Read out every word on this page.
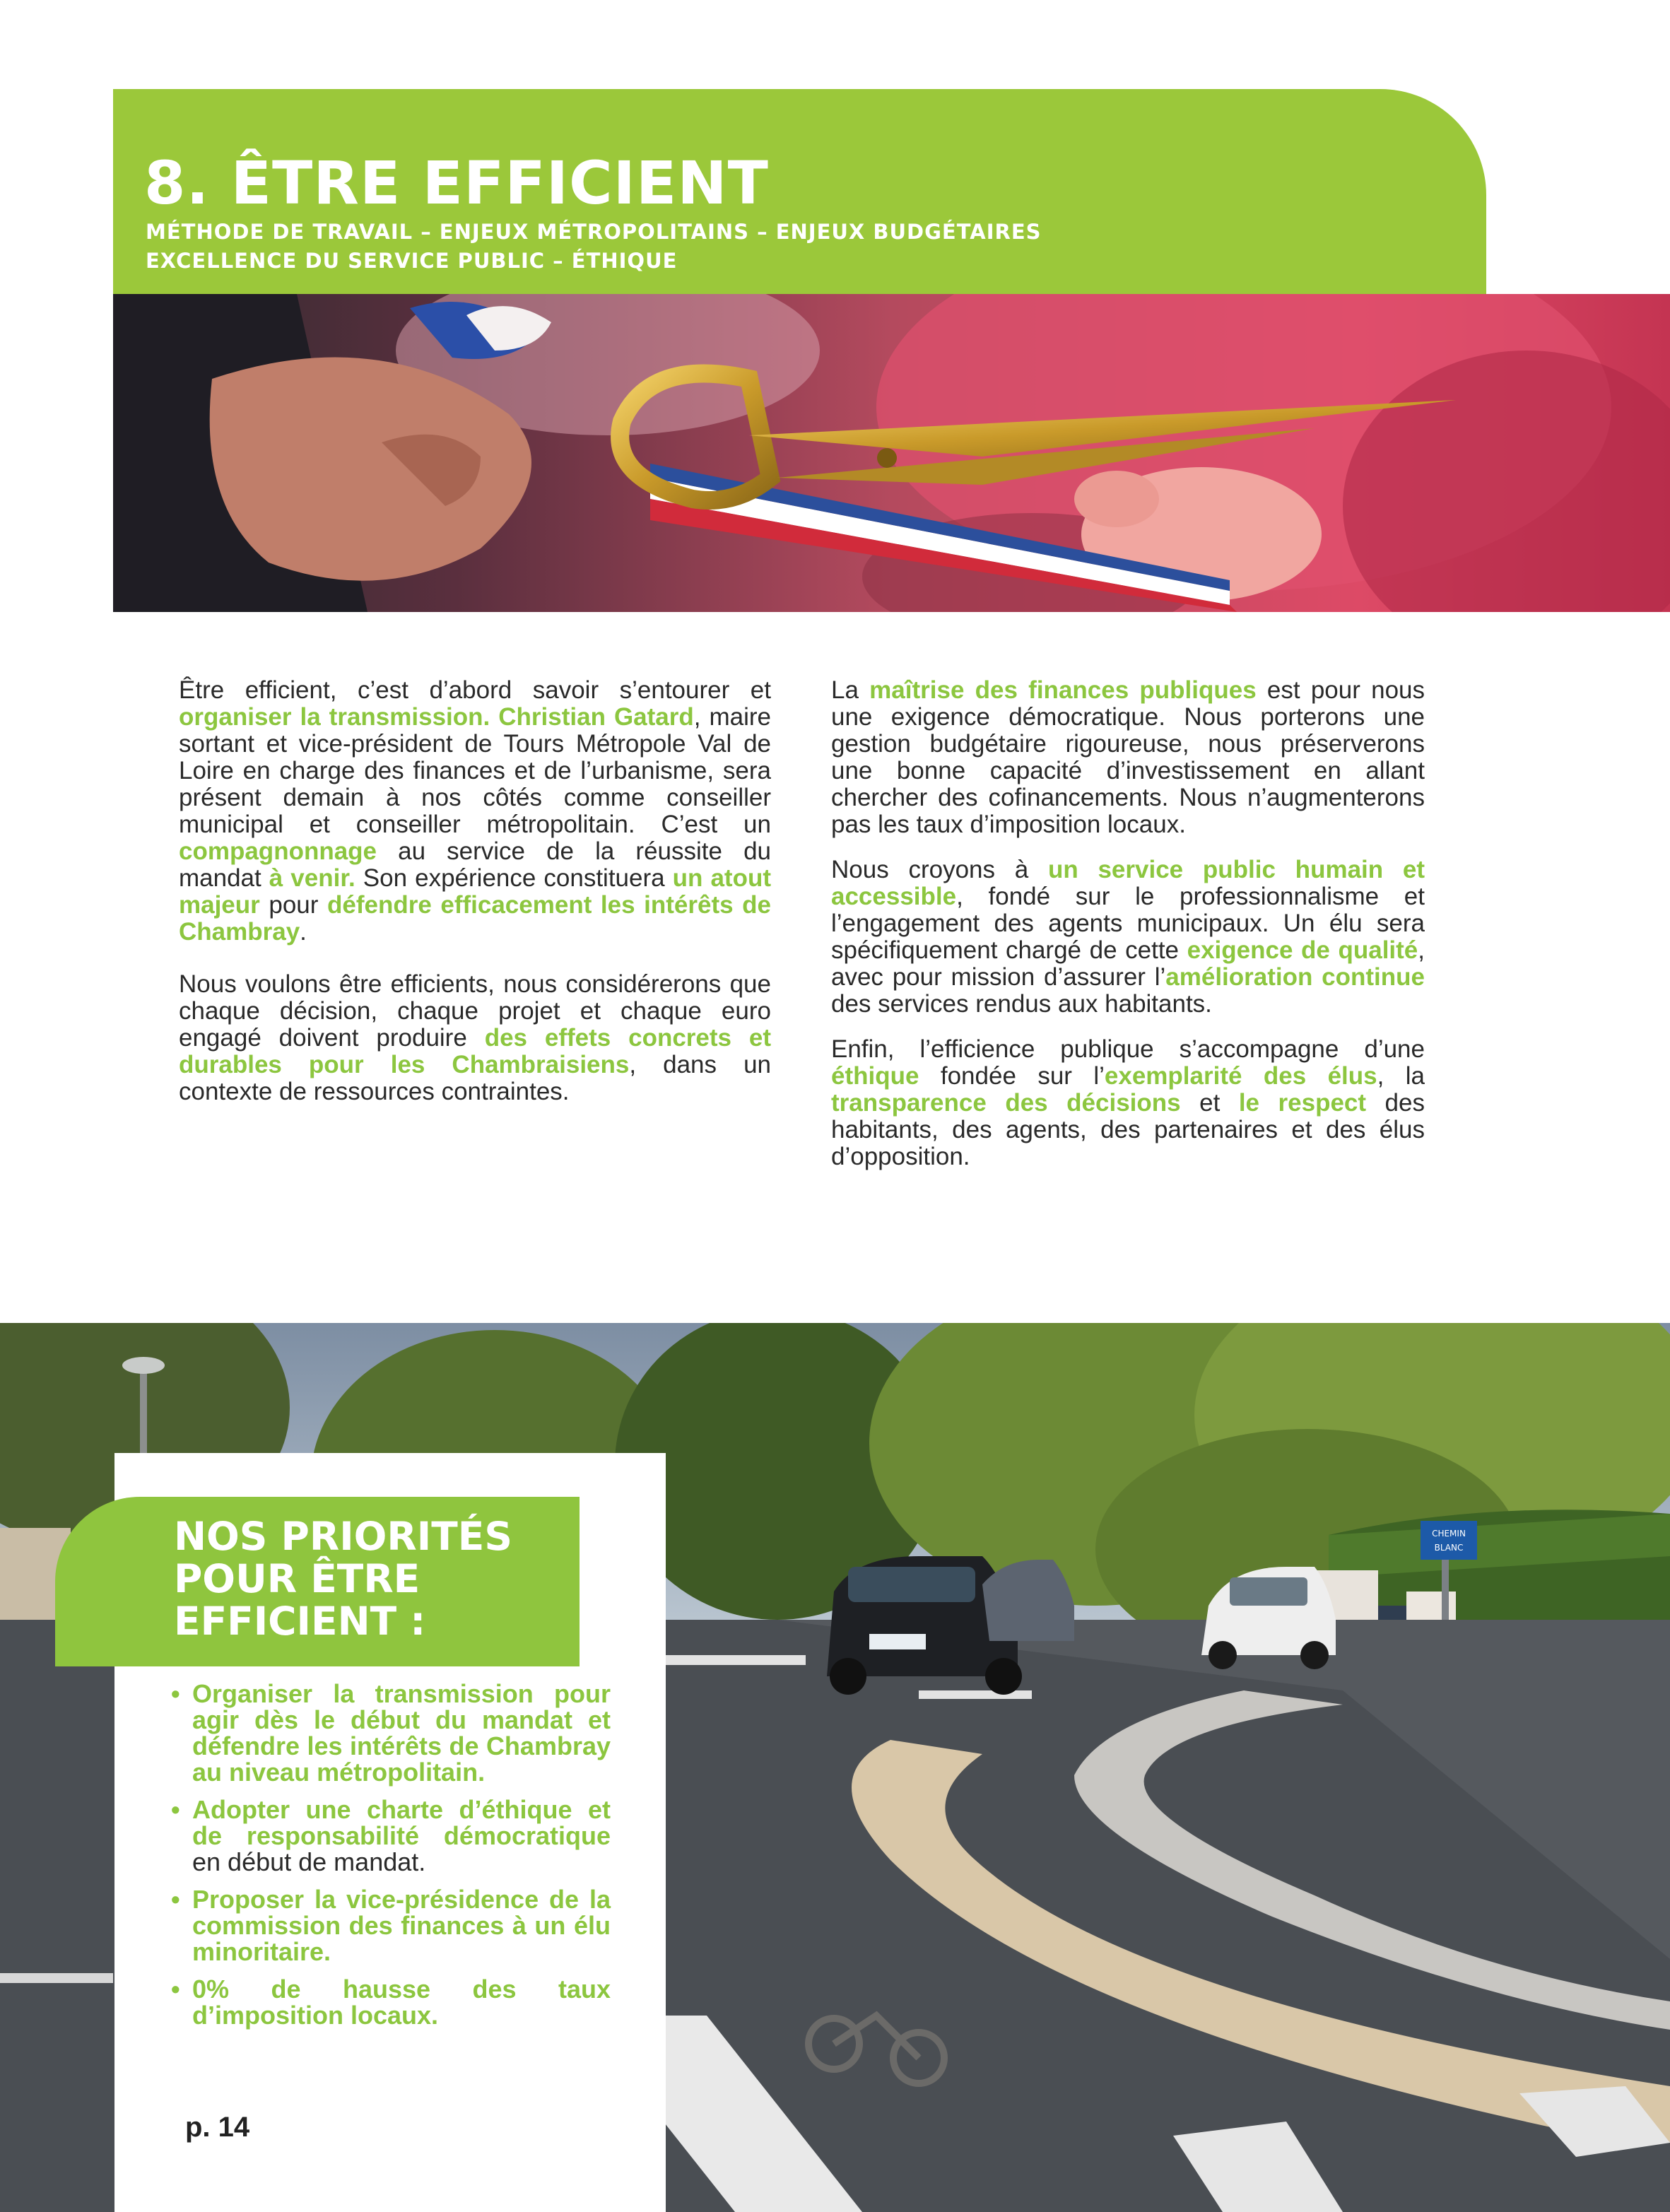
8. ÊTRE EFFICIENT

MÉTHODE DE TRAVAIL – ENJEUX MÉTROPOLITAINS – ENJEUX BUDGÉTAIRES
EXCELLENCE DU SERVICE PUBLIC – ÉTHIQUE

Être efficient, c’est d’abord savoir s’entourer et organiser la transmission. Christian Gatard, maire sortant et vice-président de Tours Métropole Val de Loire en charge des finances et de l’urbanisme, sera présent demain à nos côtés comme conseiller municipal et conseiller métropolitain. C’est un compagnonnage au service de la réussite du mandat à venir. Son expérience constituera un atout majeur pour défendre efficacement les intérêts de Chambray.

Nous voulons être efficients, nous considérerons que chaque décision, chaque projet et chaque euro engagé doivent produire des effets concrets et durables pour les Chambraisiens, dans un contexte de ressources contraintes.

La maîtrise des finances publiques est pour nous une exigence démocratique. Nous porterons une gestion budgétaire rigoureuse, nous préserverons une bonne capacité d’investissement en allant chercher des cofinancements. Nous n’augmenterons pas les taux d’imposition locaux.

Nous croyons à un service public humain et accessible, fondé sur le professionnalisme et l’engagement des agents municipaux. Un élu sera spécifiquement chargé de cette exigence de qualité, avec pour mission d’assurer l’amélioration continue des services rendus aux habitants.

Enfin, l’efficience publique s’accompagne d’une éthique fondée sur l’exemplarité des élus, la transparence des décisions et le respect des habitants, des agents, des partenaires et des élus d’opposition.

CHEMIN
BLANC
NOS PRIORITÉS
POUR ÊTRE
EFFICIENT :
• Organiser la transmission pour agir dès le début du mandat et défendre les intérêts de Chambray au niveau métropolitain.
• Adopter une charte d’éthique et de responsabilité démocratique en début de mandat.
• Proposer la vice-présidence de la commission des finances à un élu minoritaire.
• 0% de hausse des taux d’imposition locaux.

p. 14
